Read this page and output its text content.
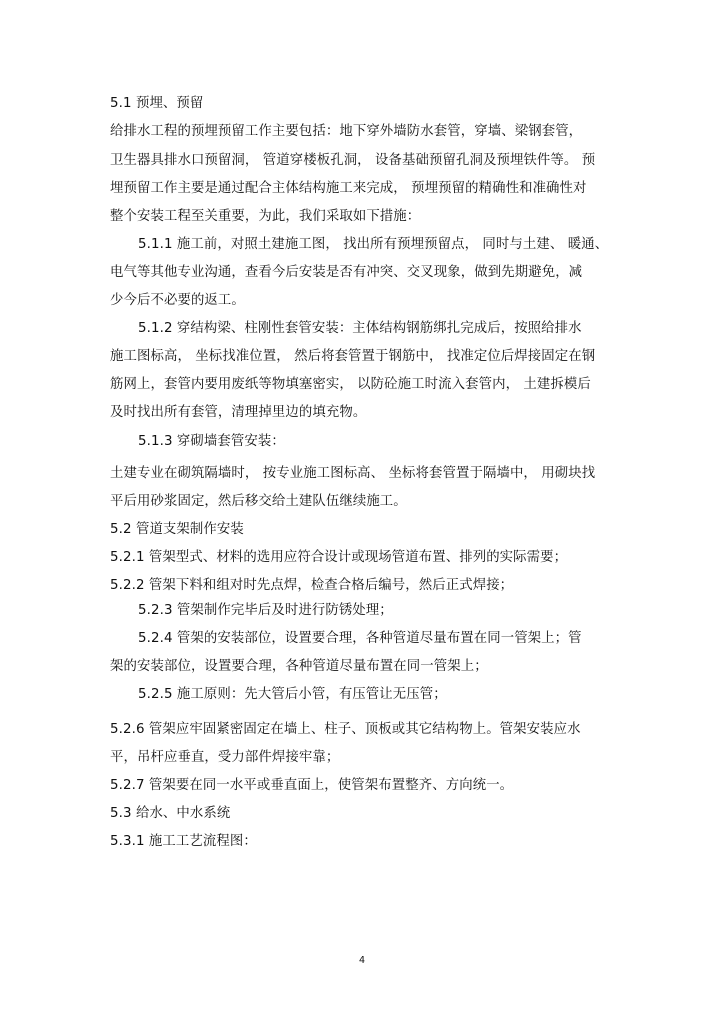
5.1 预埋、预留
给排水工程的预埋预留工作主要包括：地下穿外墙防水套管，穿墙、梁钢套管，
卫生器具排水口预留洞， 管道穿楼板孔洞， 设备基础预留孔洞及预埋铁件等。 预
埋预留工作主要是通过配合主体结构施工来完成， 预埋预留的精确性和准确性对
整个安装工程至关重要，为此，我们采取如下措施：
5.1.1 施工前，对照土建施工图， 找出所有预埋预留点， 同时与土建、 暖通、
电气等其他专业沟通，查看今后安装是否有冲突、交叉现象，做到先期避免，减
少今后不必要的返工。
5.1.2 穿结构梁、柱刚性套管安装：主体结构钢筋绑扎完成后，按照给排水
施工图标高， 坐标找准位置， 然后将套管置于钢筋中， 找准定位后焊接固定在钢
筋网上，套管内要用废纸等物填塞密实， 以防砼施工时流入套管内， 土建拆模后
及时找出所有套管，清理掉里边的填充物。
5.1.3 穿砌墙套管安装：
土建专业在砌筑隔墙时， 按专业施工图标高、 坐标将套管置于隔墙中， 用砌块找
平后用砂浆固定，然后移交给土建队伍继续施工。
5.2 管道支架制作安装
5.2.1 管架型式、材料的选用应符合设计或现场管道布置、排列的实际需要；
5.2.2 管架下料和组对时先点焊，检查合格后编号，然后正式焊接；
5.2.3 管架制作完毕后及时进行防锈处理；
5.2.4 管架的安装部位，设置要合理，各种管道尽量布置在同一管架上；管
架的安装部位，设置要合理，各种管道尽量布置在同一管架上；
5.2.5 施工原则：先大管后小管，有压管让无压管；
5.2.6 管架应牢固紧密固定在墙上、柱子、顶板或其它结构物上。管架安装应水
平，吊杆应垂直，受力部件焊接牢靠；
5.2.7 管架要在同一水平或垂直面上，使管架布置整齐、方向统一。
5.3 给水、中水系统
5.3.1 施工工艺流程图：
4
